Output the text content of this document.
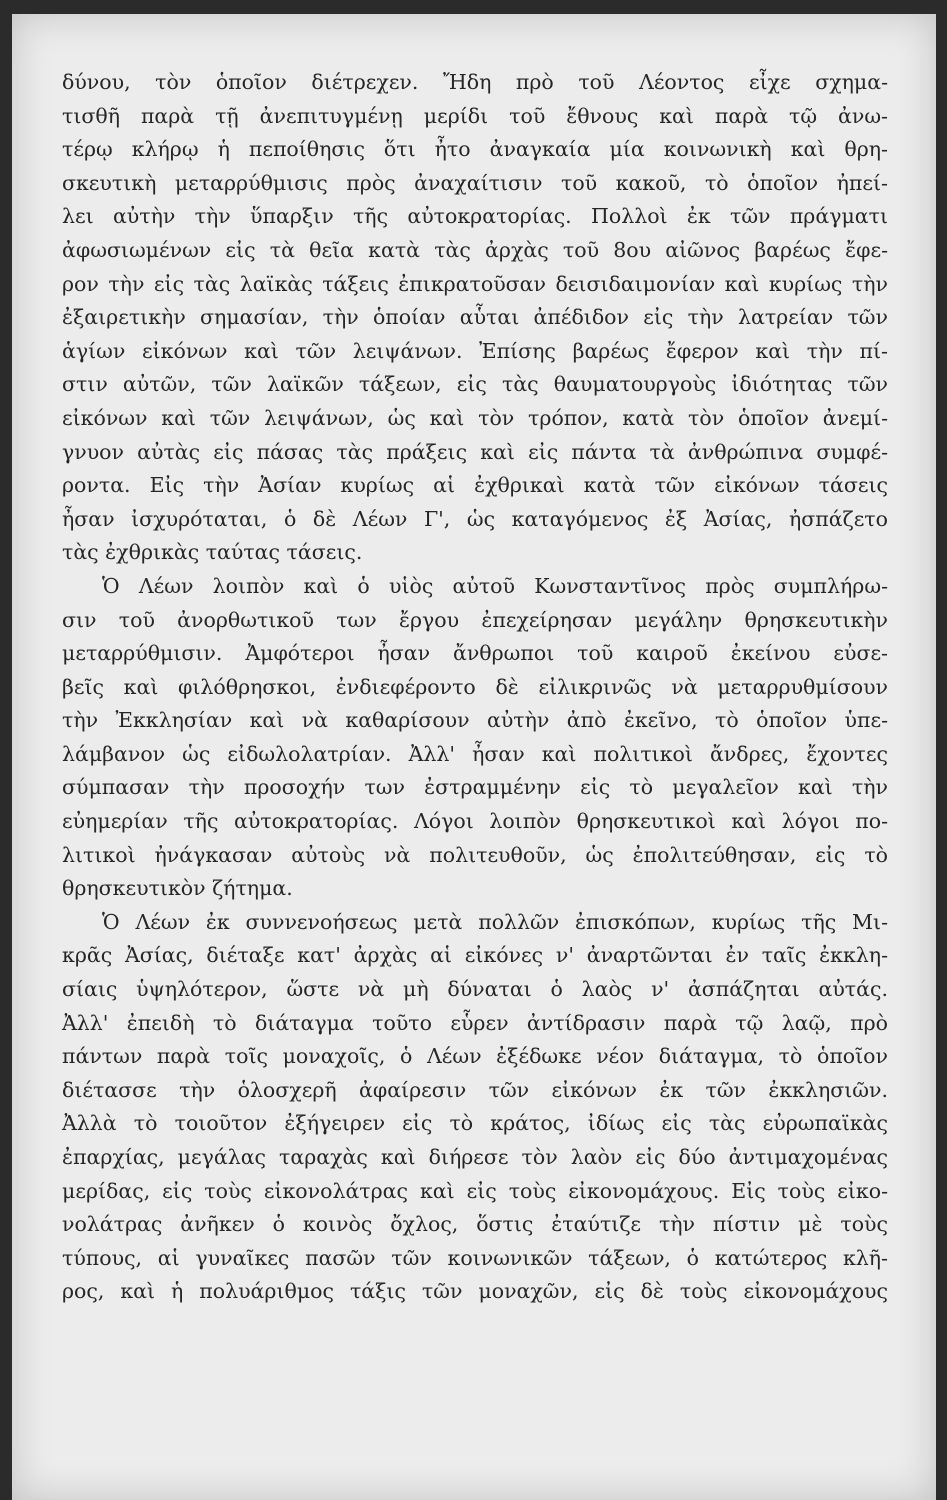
δύνου, τὸν ὁποῖον διέτρεχεν. Ἤδη πρὸ τοῦ Λέοντος εἶχε σχημα-
τισθῆ παρὰ τῇ ἀνεπιτυγμένῃ μερίδι τοῦ ἔθνους καὶ παρὰ τῷ ἀνω-
τέρῳ κλήρῳ ἡ πεποίθησις ὅτι ἦτο ἀναγκαία μία κοινωνικὴ καὶ θρη-
σκευτικὴ μεταρρύθμισις πρὸς ἀναχαίτισιν τοῦ κακοῦ, τὸ ὁποῖον ἠπεί-
λει αὐτὴν τὴν ὕπαρξιν τῆς αὐτοκρατορίας. Πολλοὶ ἐκ τῶν πράγματι
ἀφωσιωμένων εἰς τὰ θεῖα κατὰ τὰς ἀρχὰς τοῦ 8ου αἰῶνος βαρέως ἔφε-
ρον τὴν εἰς τὰς λαϊκὰς τάξεις ἐπικρατοῦσαν δεισιδαιμονίαν καὶ κυρίως τὴν
ἐξαιρετικὴν σημασίαν, τὴν ὁποίαν αὗται ἀπέδιδον εἰς τὴν λατρείαν τῶν
ἁγίων εἰκόνων καὶ τῶν λειψάνων. Ἐπίσης βαρέως ἔφερον καὶ τὴν πί-
στιν αὐτῶν, τῶν λαϊκῶν τάξεων, εἰς τὰς θαυματουργοὺς ἰδιότητας τῶν
εἰκόνων καὶ τῶν λειψάνων, ὡς καὶ τὸν τρόπον, κατὰ τὸν ὁποῖον ἀνεμί-
γνυον αὐτὰς εἰς πάσας τὰς πράξεις καὶ εἰς πάντα τὰ ἀνθρώπινα συμφέ-
ροντα. Εἰς τὴν Ἀσίαν κυρίως αἱ ἐχθρικαὶ κατὰ τῶν εἰκόνων τάσεις
ἦσαν ἰσχυρόταται, ὁ δὲ Λέων Γ', ὡς καταγόμενος ἐξ Ἀσίας, ἠσπάζετο
τὰς ἐχθρικὰς ταύτας τάσεις.
Ὁ Λέων λοιπὸν καὶ ὁ υἱὸς αὐτοῦ Κωνσταντῖνος πρὸς συμπλήρω-
σιν τοῦ ἀνορθωτικοῦ των ἔργου ἐπεχείρησαν μεγάλην θρησκευτικὴν
μεταρρύθμισιν. Ἀμφότεροι ἦσαν ἄνθρωποι τοῦ καιροῦ ἐκείνου εὐσε-
βεῖς καὶ φιλόθρησκοι, ἐνδιεφέροντο δὲ εἰλικρινῶς νὰ μεταρρυθμίσουν
τὴν Ἐκκλησίαν καὶ νὰ καθαρίσουν αὐτὴν ἀπὸ ἐκεῖνο, τὸ ὁποῖον ὑπε-
λάμβανον ὡς εἰδωλολατρίαν. Ἀλλ' ἦσαν καὶ πολιτικοὶ ἄνδρες, ἔχοντες
σύμπασαν τὴν προσοχήν των ἐστραμμένην εἰς τὸ μεγαλεῖον καὶ τὴν
εὐημερίαν τῆς αὐτοκρατορίας. Λόγοι λοιπὸν θρησκευτικοὶ καὶ λόγοι πο-
λιτικοὶ ἠνάγκασαν αὐτοὺς νὰ πολιτευθοῦν, ὡς ἐπολιτεύθησαν, εἰς τὸ
θρησκευτικὸν ζήτημα.
Ὁ Λέων ἐκ συννενοήσεως μετὰ πολλῶν ἐπισκόπων, κυρίως τῆς Μι-
κρᾶς Ἀσίας, διέταξε κατ' ἀρχὰς αἱ εἰκόνες ν' ἀναρτῶνται ἐν ταῖς ἐκκλη-
σίαις ὑψηλότερον, ὥστε νὰ μὴ δύναται ὁ λαὸς ν' ἀσπάζηται αὐτάς.
Ἀλλ' ἐπειδὴ τὸ διάταγμα τοῦτο εὗρεν ἀντίδρασιν παρὰ τῷ λαῷ, πρὸ
πάντων παρὰ τοῖς μοναχοῖς, ὁ Λέων ἐξέδωκε νέον διάταγμα, τὸ ὁποῖον
διέτασσε τὴν ὁλοσχερῆ ἀφαίρεσιν τῶν εἰκόνων ἐκ τῶν ἐκκλησιῶν.
Ἀλλὰ τὸ τοιοῦτον ἐξήγειρεν εἰς τὸ κράτος, ἰδίως εἰς τὰς εὐρωπαϊκὰς
ἐπαρχίας, μεγάλας ταραχὰς καὶ διήρεσε τὸν λαὸν εἰς δύο ἀντιμαχομένας
μερίδας, εἰς τοὺς εἰκονολάτρας καὶ εἰς τοὺς εἰκονομάχους. Εἰς τοὺς εἰκο-
νολάτρας ἀνῆκεν ὁ κοινὸς ὄχλος, ὅστις ἐταύτιζε τὴν πίστιν μὲ τοὺς
τύπους, αἱ γυναῖκες πασῶν τῶν κοινωνικῶν τάξεων, ὁ κατώτερος κλῆ-
ρος, καὶ ἡ πολυάριθμος τάξις τῶν μοναχῶν, εἰς δὲ τοὺς εἰκονομάχους
